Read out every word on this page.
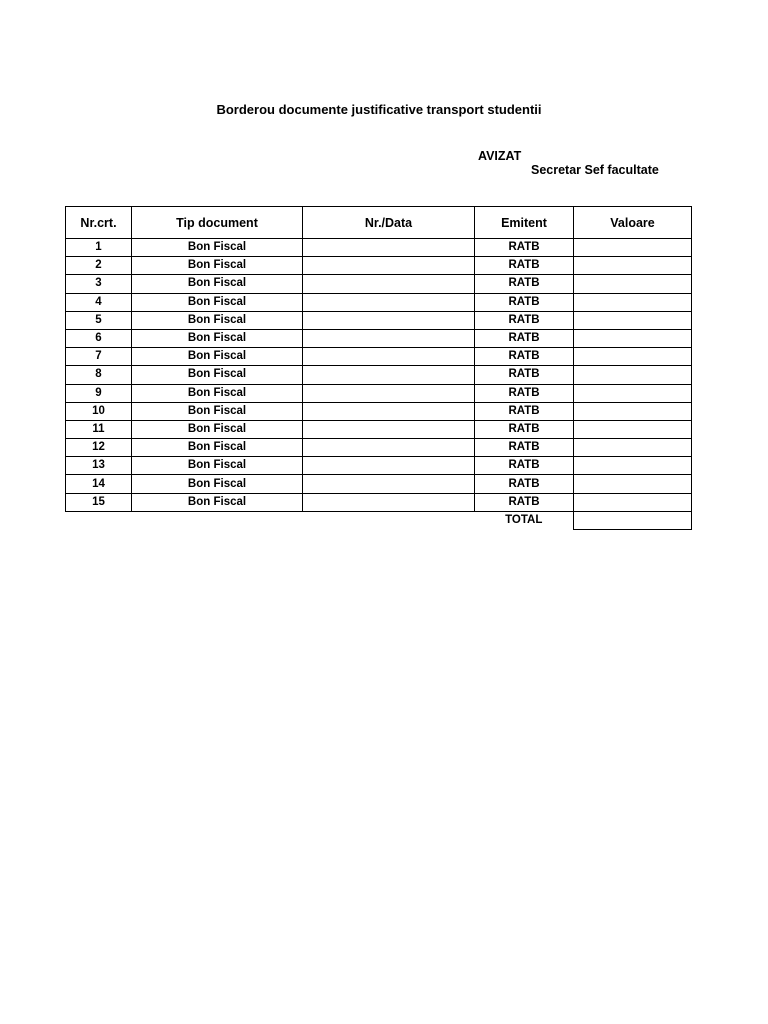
Borderou documente justificative transport studentii
AVIZAT
Secretar Sef facultate
Nr.crt.	Tip document	Nr./Data	Emitent	Valoare
1	Bon Fiscal		RATB	
2	Bon Fiscal		RATB	
3	Bon Fiscal		RATB	
4	Bon Fiscal		RATB	
5	Bon Fiscal		RATB	
6	Bon Fiscal		RATB	
7	Bon Fiscal		RATB	
8	Bon Fiscal		RATB	
9	Bon Fiscal		RATB	
10	Bon Fiscal		RATB	
11	Bon Fiscal		RATB	
12	Bon Fiscal		RATB	
13	Bon Fiscal		RATB	
14	Bon Fiscal		RATB	
15	Bon Fiscal		RATB	
			TOTAL	
